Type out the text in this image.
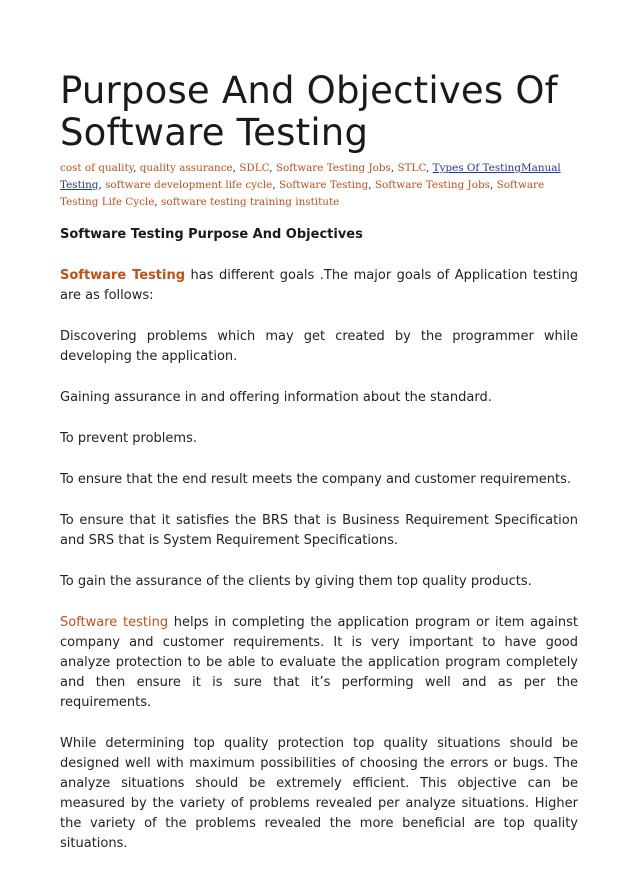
Purpose And Objectives Of
Software Testing
cost of quality, quality assurance, SDLC, Software Testing Jobs, STLC, Types Of TestingManual Testing, software development life cycle, Software Testing, Software Testing Jobs, Software Testing Life Cycle, software testing training institute
Software Testing Purpose And Objectives

Software Testing has different goals .The major goals of Application testing are as follows:

Discovering problems which may get created by the programmer while developing the application.

Gaining assurance in and offering information about the standard.

To prevent problems.

To ensure that the end result meets the company and customer requirements.

To ensure that it satisfies the BRS that is Business Requirement Specification and SRS that is System Requirement Specifications.

To gain the assurance of the clients by giving them top quality products.

Software testing helps in completing the application program or item against company and customer requirements. It is very important to have good analyze protection to be able to evaluate the application program completely and then ensure it is sure that it’s performing well and as per the requirements.

While determining top quality protection top quality situations should be designed well with maximum possibilities of choosing the errors or bugs. The analyze situations should be extremely efficient. This objective can be measured by the variety of problems revealed per analyze situations. Higher the variety of the problems revealed the more beneficial are top quality situations.
